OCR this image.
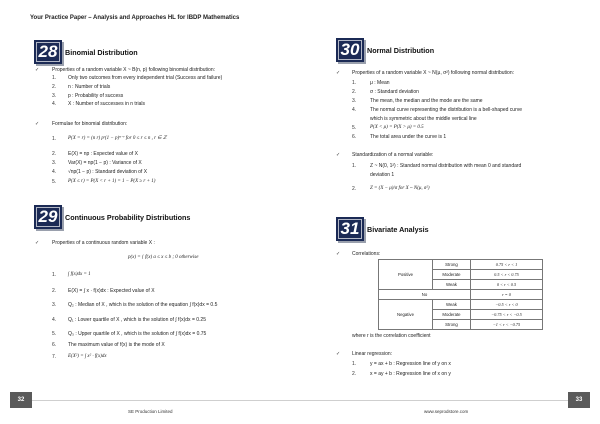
Your Practice Paper – Analysis and Approaches HL for IBDP Mathematics
28 Binomial Distribution
✓	Properties of a random variable X ~ B(n, p) following binomial distribution:
1. Only two outcomes from every independent trial (Success and failure)
2. n : Number of trials
3. p : Probability of success
4. X : Number of successes in n trials
✓	Formulae for binomial distribution:
1. P(X = r) = (n r) pʳ(1 − p)ⁿ⁻ʳ for 0 ≤ r ≤ n , r ∈ ℤ
2. E(X) = np : Expected value of X
3. Var(X) = np(1 − p) : Variance of X
4. √np(1 − p) : Standard deviation of X
5. P(X ≤ r) = P(X < r + 1) = 1 − P(X ≥ r + 1)
29 Continuous Probability Distributions
✓	Properties of a continuous random variable X :
p(x) = { f(x) a ≤ x ≤ b ; 0 otherwise
1. ∫ f(x)dx = 1
2. E(X) = ∫ x · f(x)dx : Expected value of X
3. Q₂ : Median of X , which is the solution of the equation ∫ f(x)dx = 0.5
4. Q₁ : Lower quartile of X , which is the solution of ∫ f(x)dx = 0.25
5. Q₃ : Upper quartile of X , which is the solution of ∫ f(x)dx = 0.75
6. The maximum value of f(x) is the mode of X
7. E(X²) = ∫ x² · f(x)dx
32
SE Production Limited
30 Normal Distribution
✓ Properties of a random variable X ~ N(μ, σ²) following normal distribution:
1.	μ : Mean
2.	σ : Standard deviation
3.	The mean, the median and the mode are the same
4.	The normal curve representing the distribution is a bell-shaped curve
which is symmetric about the middle vertical line
5.	P(X < μ) = P(X > μ) = 0.5
6.	The total area under the curve is 1
✓ Standardization of a normal variable:
1.	Z ~ N(0, 1²) : Standard normal distribution with mean 0 and standard
deviation 1
2.	Z = (X − μ)/σ for X ~ N(μ, σ²)
31 Bivariate Analysis
✓ Correlations:
Positive	Strong	0.75 < r < 1
	Moderate	0.5 < r < 0.75
	Weak	0 < r < 0.5
No		r = 0
Negative	Weak	−0.5 < r < 0
	Moderate	−0.75 < r < −0.5
	Strong	−1 < r < −0.75
where r is the correlation coefficient
✓ Linear regression:
1.	y = ax + b : Regression line of y on x
2.	x = ay + b : Regression line of x on y
33
www.seprodstore.com
